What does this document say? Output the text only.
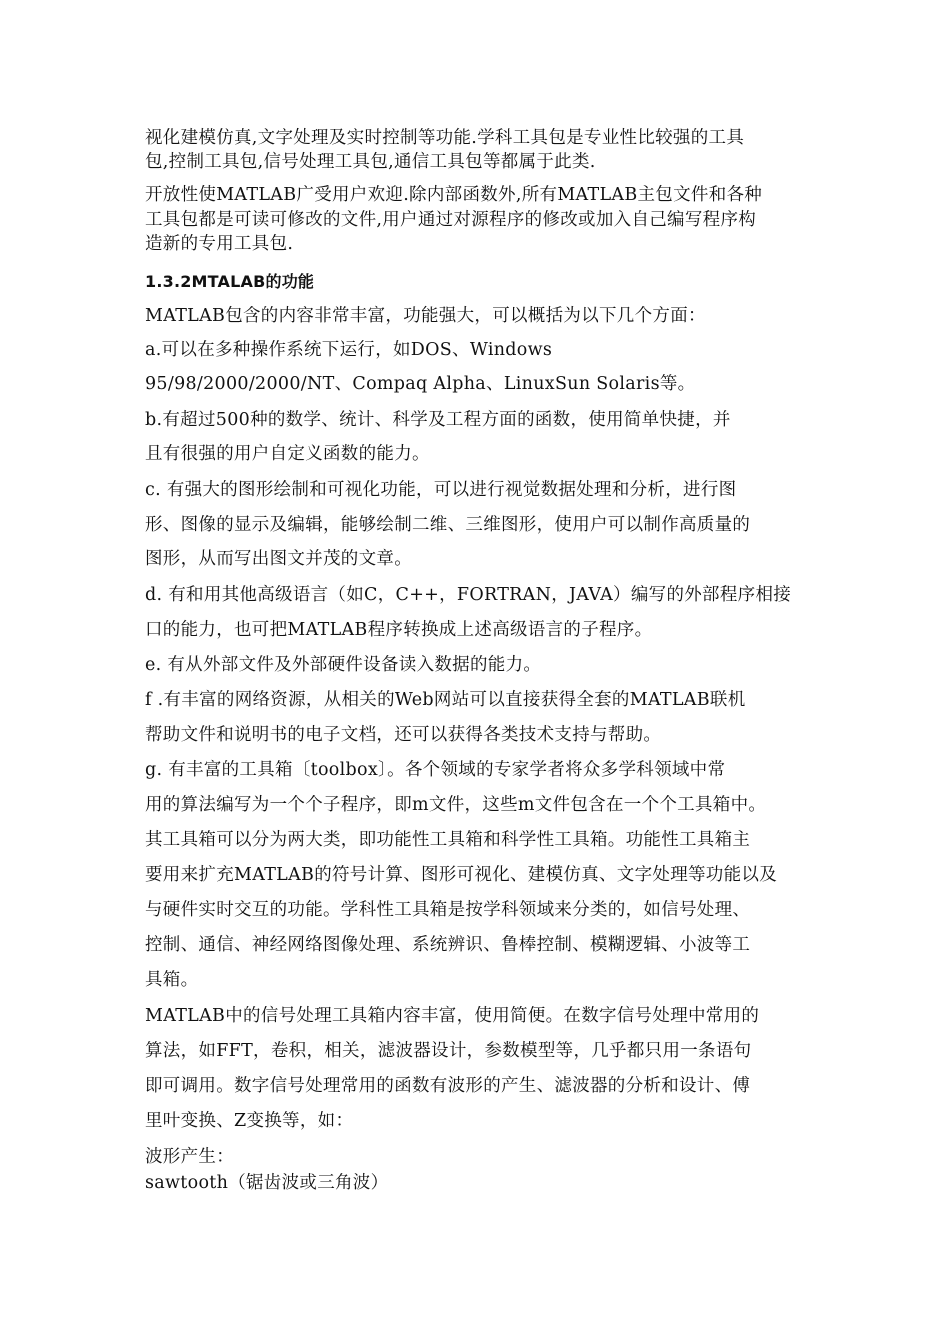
视化建模仿真,文字处理及实时控制等功能.学科工具包是专业性比较强的工具
包,控制工具包,信号处理工具包,通信工具包等都属于此类.
开放性使MATLAB广受用户欢迎.除内部函数外,所有MATLAB主包文件和各种
工具包都是可读可修改的文件,用户通过对源程序的修改或加入自己编写程序构
造新的专用工具包.
1.3.2MTALAB的功能
MATLAB包含的内容非常丰富，功能强大，可以概括为以下几个方面：
a.可以在多种操作系统下运行，如DOS、Windows
95/98/2000/2000/NT、Compaq Alpha、LinuxSun Solaris等。
b.有超过500种的数学、统计、科学及工程方面的函数，使用简单快捷，并
且有很强的用户自定义函数的能力。
c. 有强大的图形绘制和可视化功能，可以进行视觉数据处理和分析，进行图
形、图像的显示及编辑，能够绘制二维、三维图形，使用户可以制作高质量的
图形，从而写出图文并茂的文章。
d. 有和用其他高级语言（如C，C++，FORTRAN，JAVA）编写的外部程序相接
口的能力，也可把MATLAB程序转换成上述高级语言的子程序。
e. 有从外部文件及外部硬件设备读入数据的能力。
f .有丰富的网络资源，从相关的Web网站可以直接获得全套的MATLAB联机
帮助文件和说明书的电子文档，还可以获得各类技术支持与帮助。
g. 有丰富的工具箱〔toolbox〕。各个领域的专家学者将众多学科领域中常
用的算法编写为一个个子程序，即m文件，这些m文件包含在一个个工具箱中。
其工具箱可以分为两大类，即功能性工具箱和科学性工具箱。功能性工具箱主
要用来扩充MATLAB的符号计算、图形可视化、建模仿真、文字处理等功能以及
与硬件实时交互的功能。学科性工具箱是按学科领域来分类的，如信号处理、
控制、通信、神经网络图像处理、系统辨识、鲁棒控制、模糊逻辑、小波等工
具箱。
MATLAB中的信号处理工具箱内容丰富，使用简便。在数字信号处理中常用的
算法，如FFT，卷积，相关，滤波器设计，参数模型等，几乎都只用一条语句
即可调用。数字信号处理常用的函数有波形的产生、滤波器的分析和设计、傅
里叶变换、Z变换等，如：
波形产生：
sawtooth（锯齿波或三角波）
